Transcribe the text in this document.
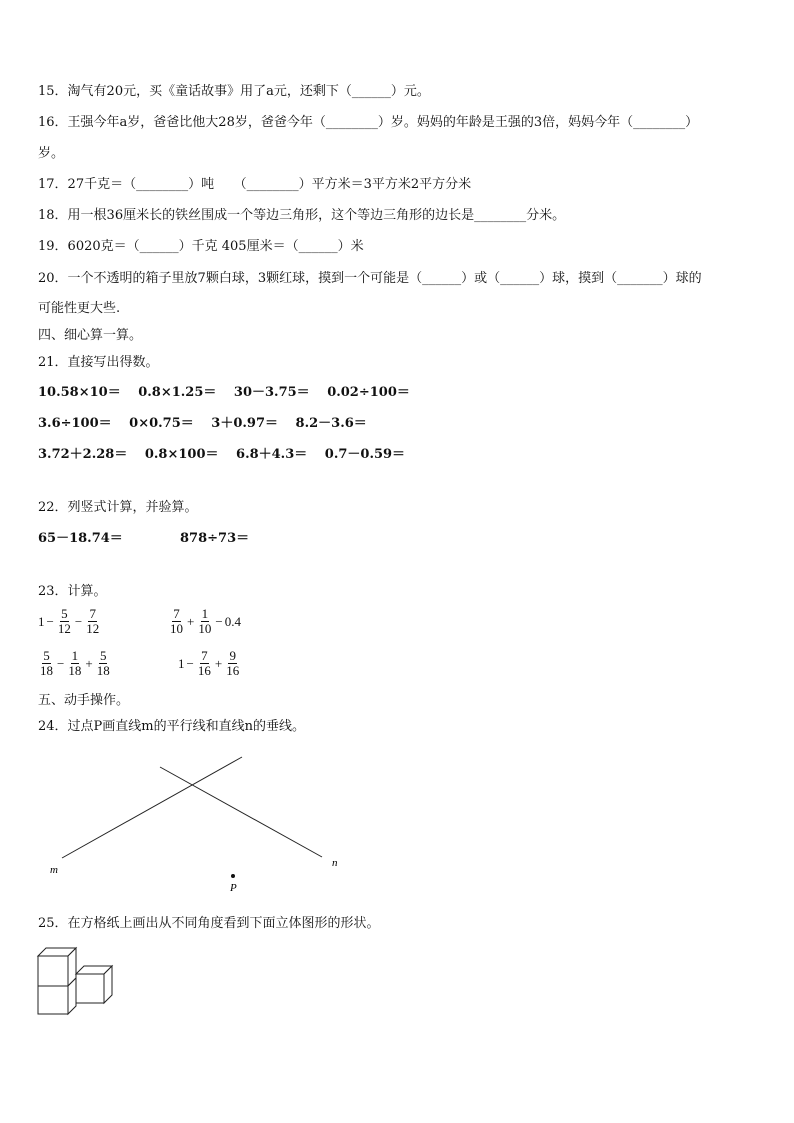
15．淘气有20元，买《童话故事》用了a元，还剩下（______）元。
16．王强今年a岁，爸爸比他大28岁，爸爸今年（________）岁。妈妈的年龄是王强的3倍，妈妈今年（________）
岁。
17．27千克＝（________）吨　　（________）平方米＝3平方米2平方分米
18．用一根36厘米长的铁丝围成一个等边三角形，这个等边三角形的边长是________分米。
19．6020克＝（______）千克 405厘米＝（______）米
20．一个不透明的箱子里放7颗白球，3颗红球，摸到一个可能是（______）或（______）球，摸到（_______）球的
可能性更大些.
四、细心算一算。
21．直接写出得数。
10.58×10＝　 0.8×1.25＝　 30－3.75＝　 0.02÷100＝
3.6÷100＝　 0×0.75＝　 3＋0.97＝　 8.2－3.6＝
3.72＋2.28＝　 0.8×100＝　 6.8＋4.3＝　 0.7－0.59＝
22．列竖式计算，并验算。
65－18.74＝	878÷73＝
23．计算。
$1 - \frac{5}{12} - \frac{7}{12}$	$\frac{7}{10} + \frac{1}{10} - 0.4$
$\frac{5}{18} - \frac{1}{18} + \frac{5}{18}$	$1 - \frac{7}{16} + \frac{9}{16}$
五、动手操作。
24．过点P画直线m的平行线和直线n的垂线。
m
n
P
25．在方格纸上画出从不同角度看到下面立体图形的形状。
